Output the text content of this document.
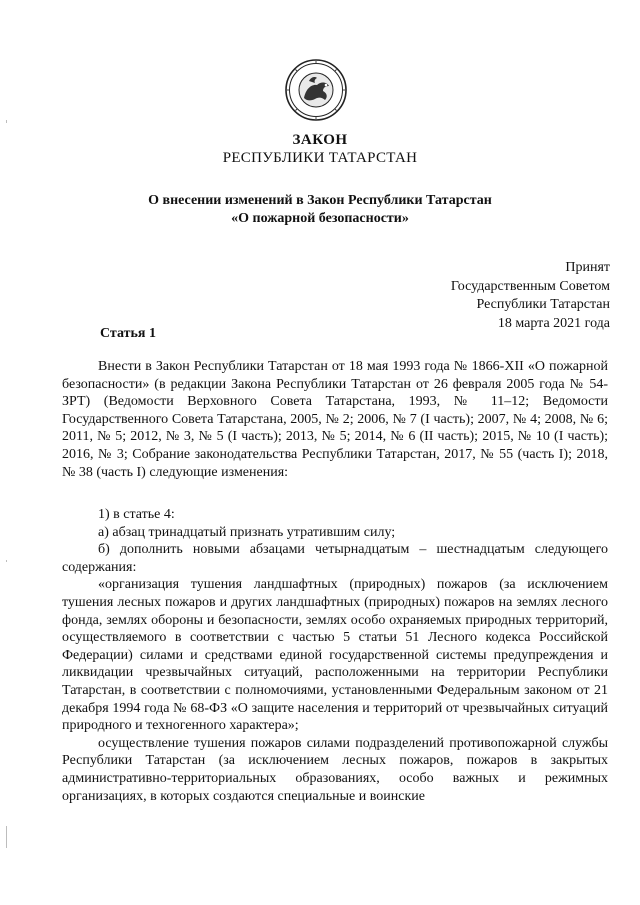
ЗАКОН
РЕСПУБЛИКИ ТАТАРСТАН
О внесении изменений в Закон Республики Татарстан
«О пожарной безопасности»
Принят
Государственным Советом
Республики Татарстан
18 марта 2021 года
Статья 1

Внести в Закон Республики Татарстан от 18 мая 1993 года № 1866-XII «О пожарной безопасности» (в редакции Закона Республики Татарстан от 26 февраля 2005 года № 54-ЗРТ) (Ведомости Верховного Совета Татарстана, 1993, № 11–12; Ведомости Государственного Совета Татарстана, 2005, № 2; 2006, № 7 (I часть); 2007, № 4; 2008, № 6; 2011, № 5; 2012, № 3, № 5 (I часть); 2013, № 5; 2014, № 6 (II часть); 2015, № 10 (I часть); 2016, № 3; Собрание законодательства Республики Татарстан, 2017, № 55 (часть I); 2018, № 38 (часть I) следующие изменения:

1) в статье 4:

а) абзац тринадцатый признать утратившим силу;

б) дополнить новыми абзацами четырнадцатым – шестнадцатым следующего содержания:

«организация тушения ландшафтных (природных) пожаров (за исключением тушения лесных пожаров и других ландшафтных (природных) пожаров на землях лесного фонда, землях обороны и безопасности, землях особо охраняемых природных территорий, осуществляемого в соответствии с частью 5 статьи 51 Лесного кодекса Российской Федерации) силами и средствами единой государственной системы предупреждения и ликвидации чрезвычайных ситуаций, расположенными на территории Республики Татарстан, в соответствии с полномочиями, установленными Федеральным законом от 21 декабря 1994 года № 68-ФЗ «О защите населения и территорий от чрезвычайных ситуаций природного и техногенного характера»;

осуществление тушения пожаров силами подразделений противопожарной службы Республики Татарстан (за исключением лесных пожаров, пожаров в закрытых административно-территориальных образованиях, особо важных и режимных организациях, в которых создаются специальные и воинские
